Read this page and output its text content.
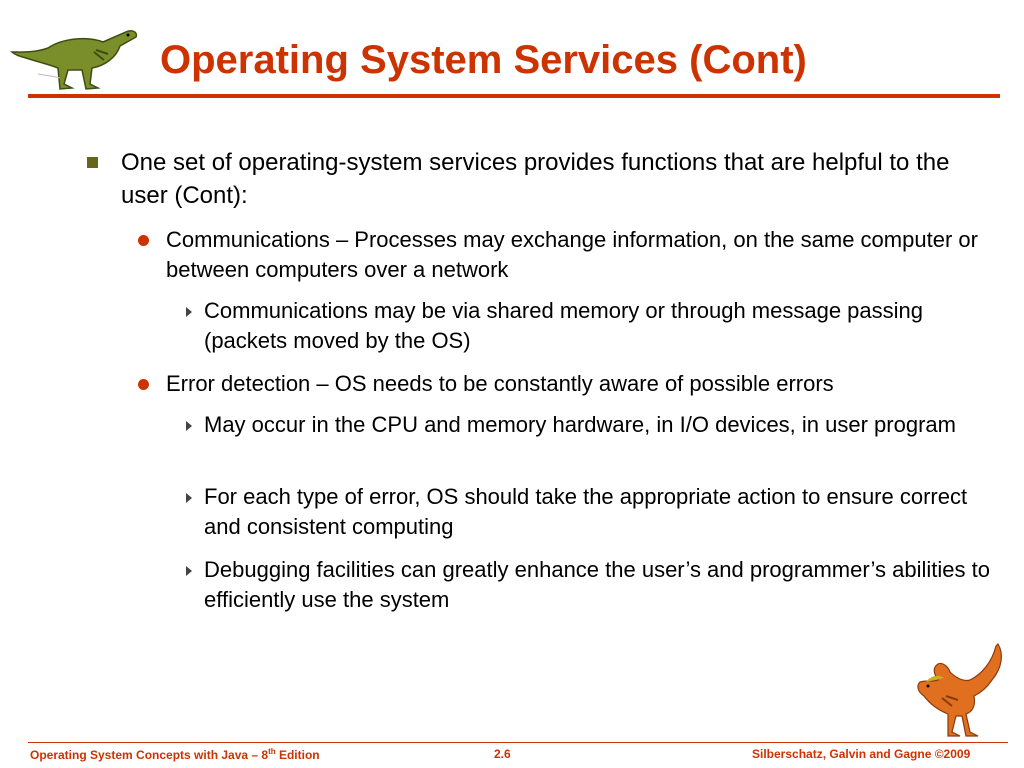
Operating System Services (Cont)
One set of operating-system services provides functions that are helpful to the user (Cont):
Communications – Processes may exchange information, on the same computer or between computers over a network
Communications may be via shared memory or through message passing (packets moved by the OS)
Error detection – OS needs to be constantly aware of possible errors
May occur in the CPU and memory hardware, in I/O devices, in user program
For each type of error, OS should take the appropriate action to ensure correct and consistent computing
Debugging facilities can greatly enhance the user’s and programmer’s abilities to efficiently use the system
Operating System Concepts with Java – 8th Edition	2.6	Silberschatz, Galvin and Gagne ©2009
